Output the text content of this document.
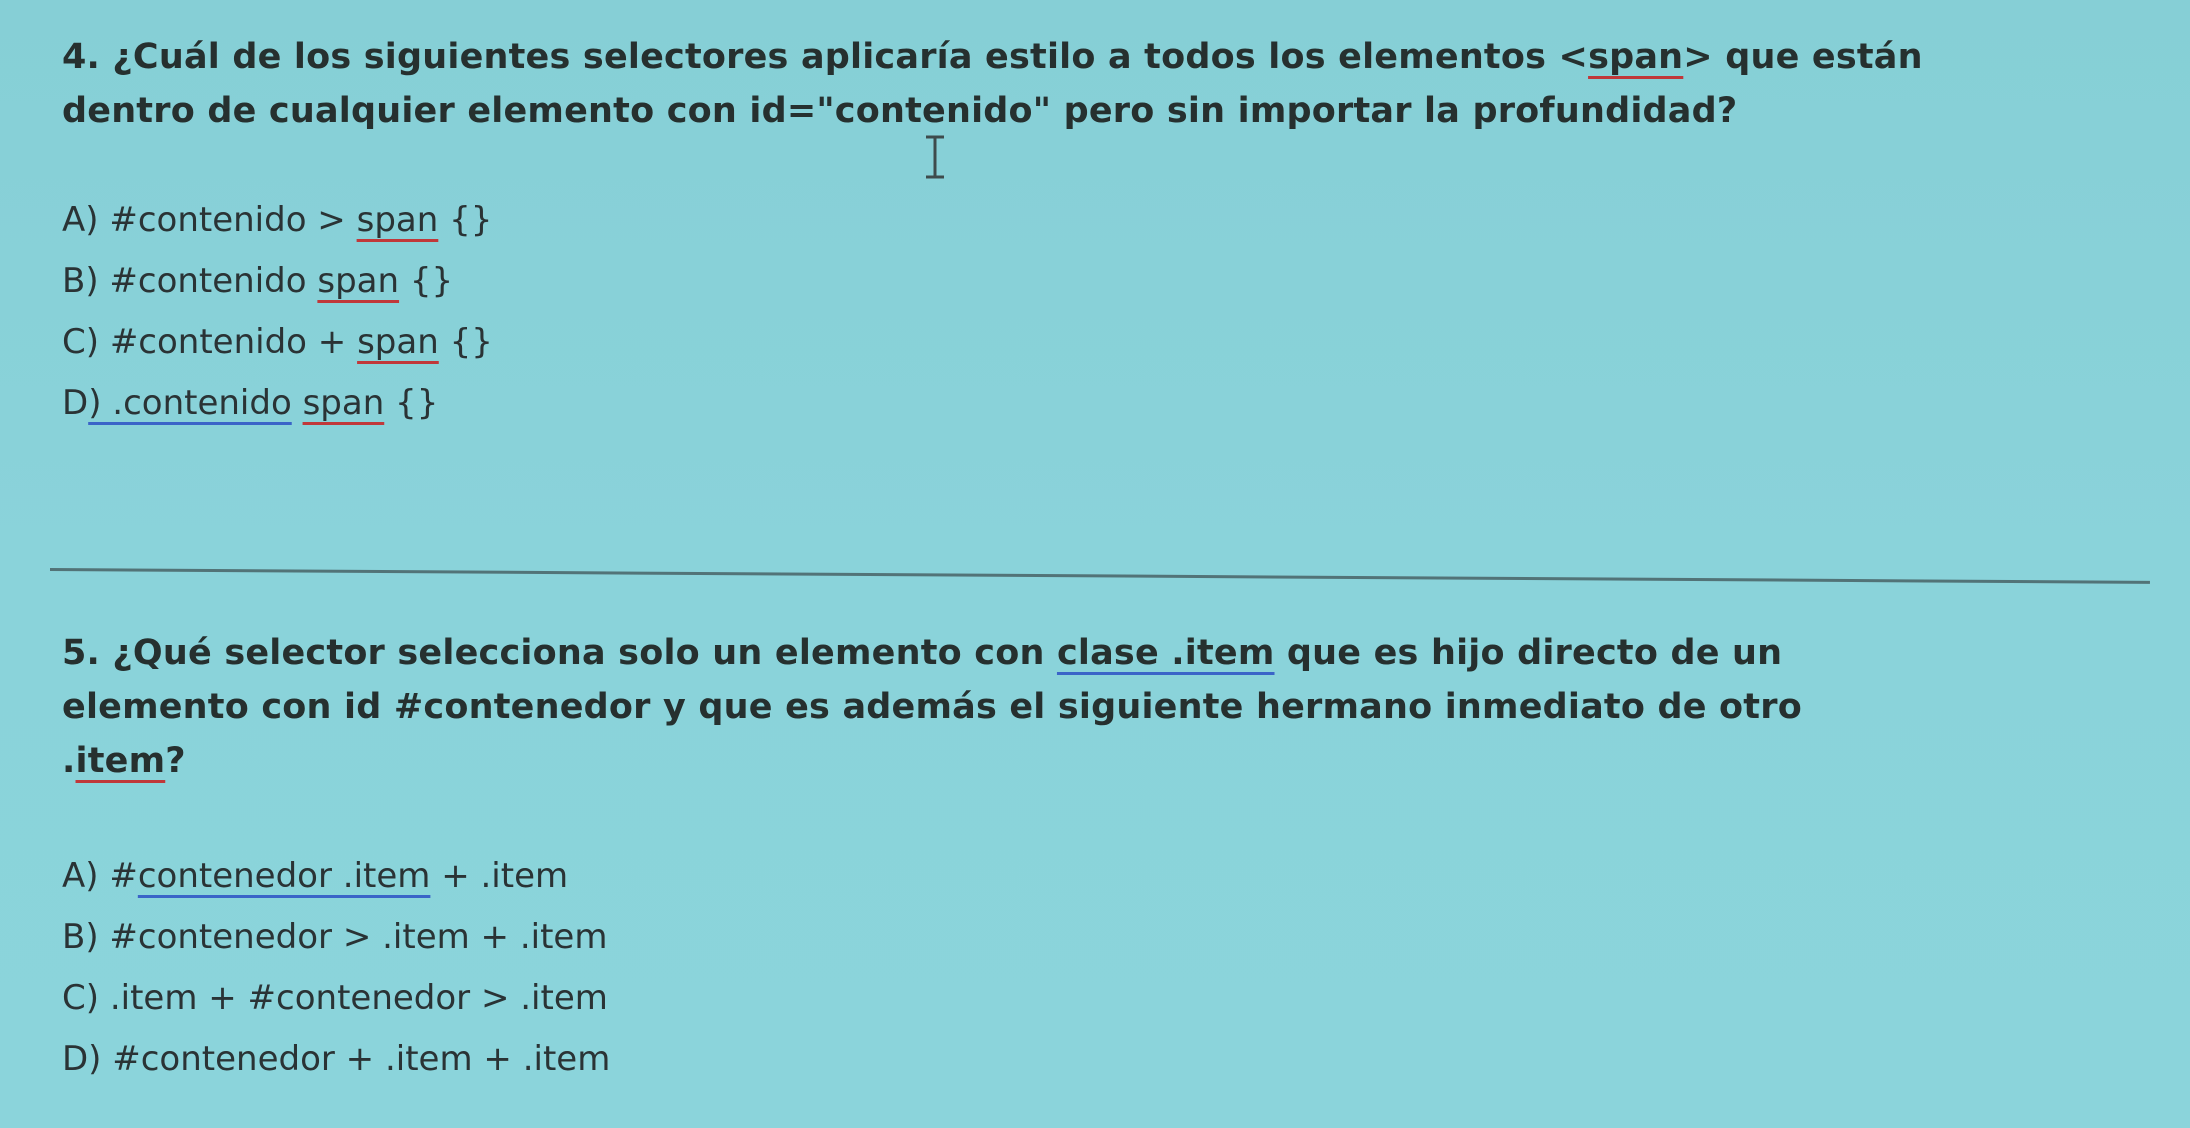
4. ¿Cuál de los siguientes selectores aplicaría estilo a todos los elementos <span> que están
dentro de cualquier elemento con id="contenido" pero sin importar la profundidad?
A) #contenido > span {}
B) #contenido span {}
C) #contenido + span {}
D) .contenido span {}
5. ¿Qué selector selecciona solo un elemento con clase .item que es hijo directo de un
elemento con id #contenedor y que es además el siguiente hermano inmediato de otro
.item?
A) #contenedor .item + .item
B) #contenedor > .item + .item
C) .item + #contenedor > .item
D) #contenedor + .item + .item
